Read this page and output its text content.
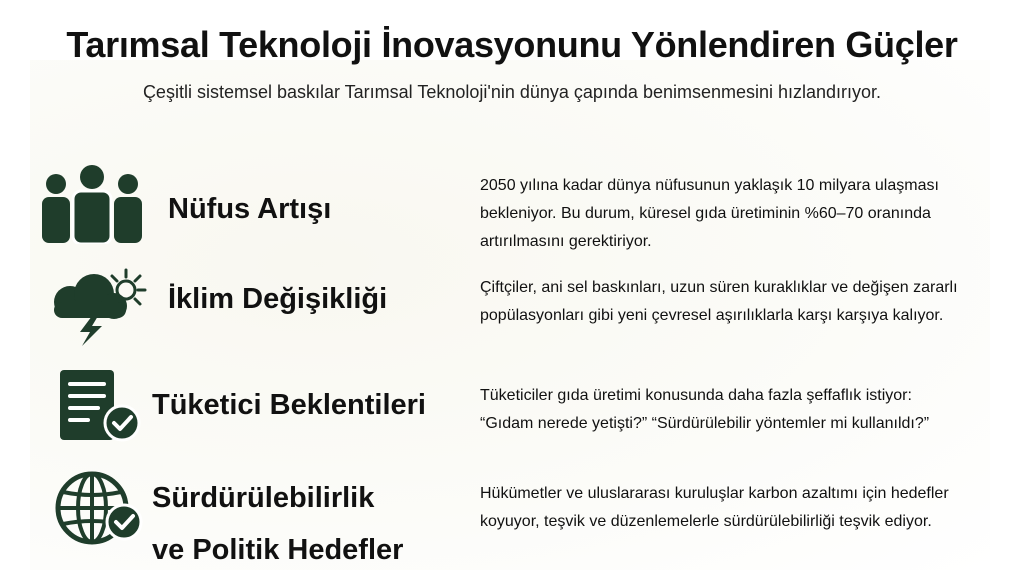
Tarımsal Teknoloji İnovasyonunu Yönlendiren Güçler
Çeşitli sistemsel baskılar Tarımsal Teknoloji'nin dünya çapında benimsenmesini hızlandırıyor.
Nüfus Artışı
2050 yılına kadar dünya nüfusunun yaklaşık 10 milyara ulaşması bekleniyor. Bu durum, küresel gıda üretiminin %60–70 oranında artırılmasını gerektiriyor.
İklim Değişikliği	Çiftçiler, ani sel baskınları, uzun süren kuraklıklar ve değişen zararlı popülasyonları gibi yeni çevresel aşırılıklarla karşı karşıya kalıyor.
Tüketici Beklentileri	Tüketiciler gıda üretimi konusunda daha fazla şeffaflık istiyor: “Gıdam nerede yetişti?” “Sürdürülebilir yöntemler mi kullanıldı?”
Sürdürülebilirlik
ve Politik Hedefler
Hükümetler ve uluslararası kuruluşlar karbon azaltımı için hedefler koyuyor, teşvik ve düzenlemelerle sürdürülebilirliği teşvik ediyor.
